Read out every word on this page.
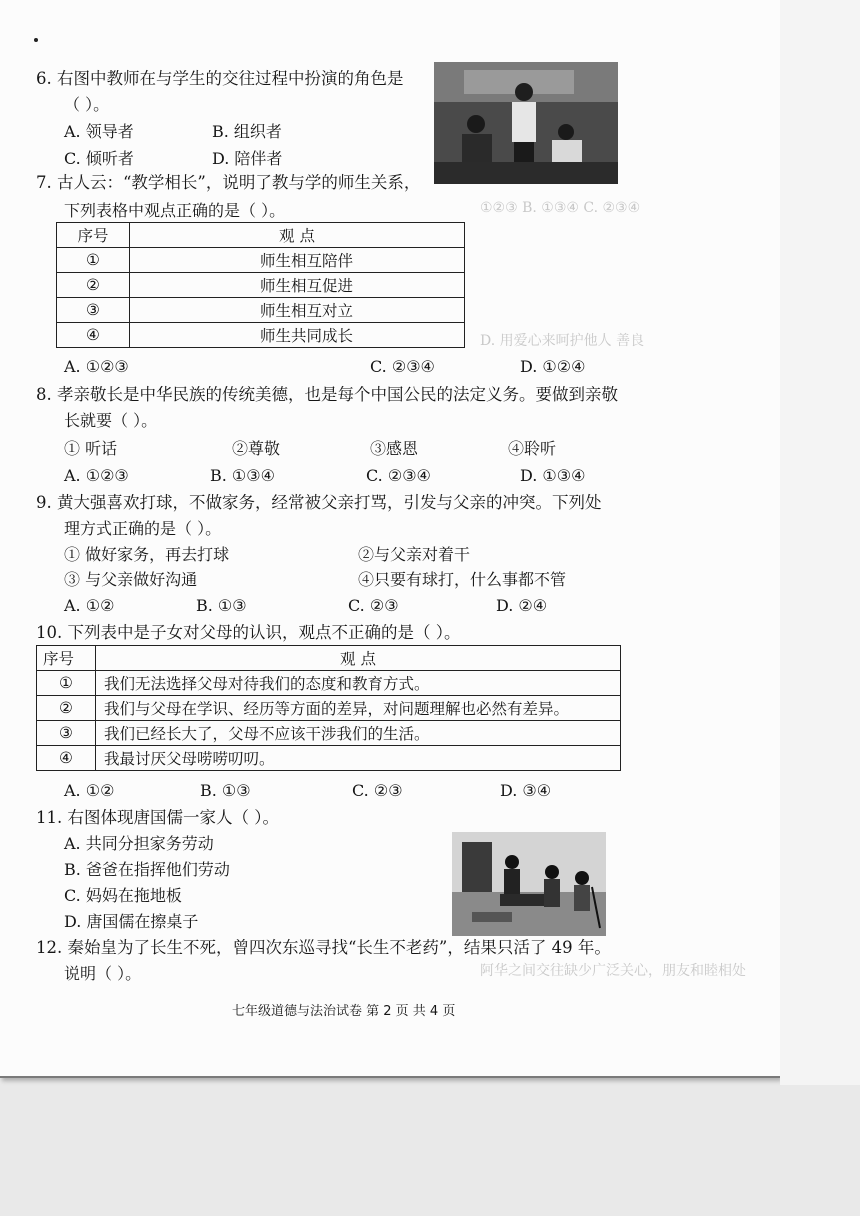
①②③ B. ①③④ C. ②③④
D. 用爱心来呵护他人 善良
阿华之间交往缺少广泛关心，朋友和睦相处
6. 右图中教师在与学生的交往过程中扮演的角色是
（ ）。
A. 领导者	B. 组织者
C. 倾听者	D. 陪伴者
7. 古人云：“教学相长”，说明了教与学的师生关系，
下列表格中观点正确的是（ ）。
序号	观 点
①	师生相互陪伴
②	师生相互促进
③	师生相互对立
④	师生共同成长
A. ①②③	C. ②③④	D. ①②④
8. 孝亲敬长是中华民族的传统美德，也是每个中国公民的法定义务。要做到亲敬
长就要（ ）。
① 听话	②尊敬	③感恩	④聆听
A. ①②③	B. ①③④	C. ②③④	D. ①③④
9. 黄大强喜欢打球，不做家务，经常被父亲打骂，引发与父亲的冲突。下列处
理方式正确的是（ ）。
① 做好家务，再去打球	②与父亲对着干
③ 与父亲做好沟通	④只要有球打，什么事都不管
A. ①②	B. ①③	C. ②③	D. ②④
10. 下列表中是子女对父母的认识，观点不正确的是（ ）。
序号	观 点
①	我们无法选择父母对待我们的态度和教育方式。
②	我们与父母在学识、经历等方面的差异，对问题理解也必然有差异。
③	我们已经长大了，父母不应该干涉我们的生活。
④	我最讨厌父母唠唠叨叨。
A. ①②	B. ①③	C. ②③	D. ③④
11. 右图体现唐国儒一家人（ ）。
A. 共同分担家务劳动
B. 爸爸在指挥他们劳动
C. 妈妈在拖地板
D. 唐国儒在擦桌子
12. 秦始皇为了长生不死，曾四次东巡寻找“长生不老药”，结果只活了 49 年。
说明（ ）。
七年级道德与法治试卷 第 2 页 共 4 页
